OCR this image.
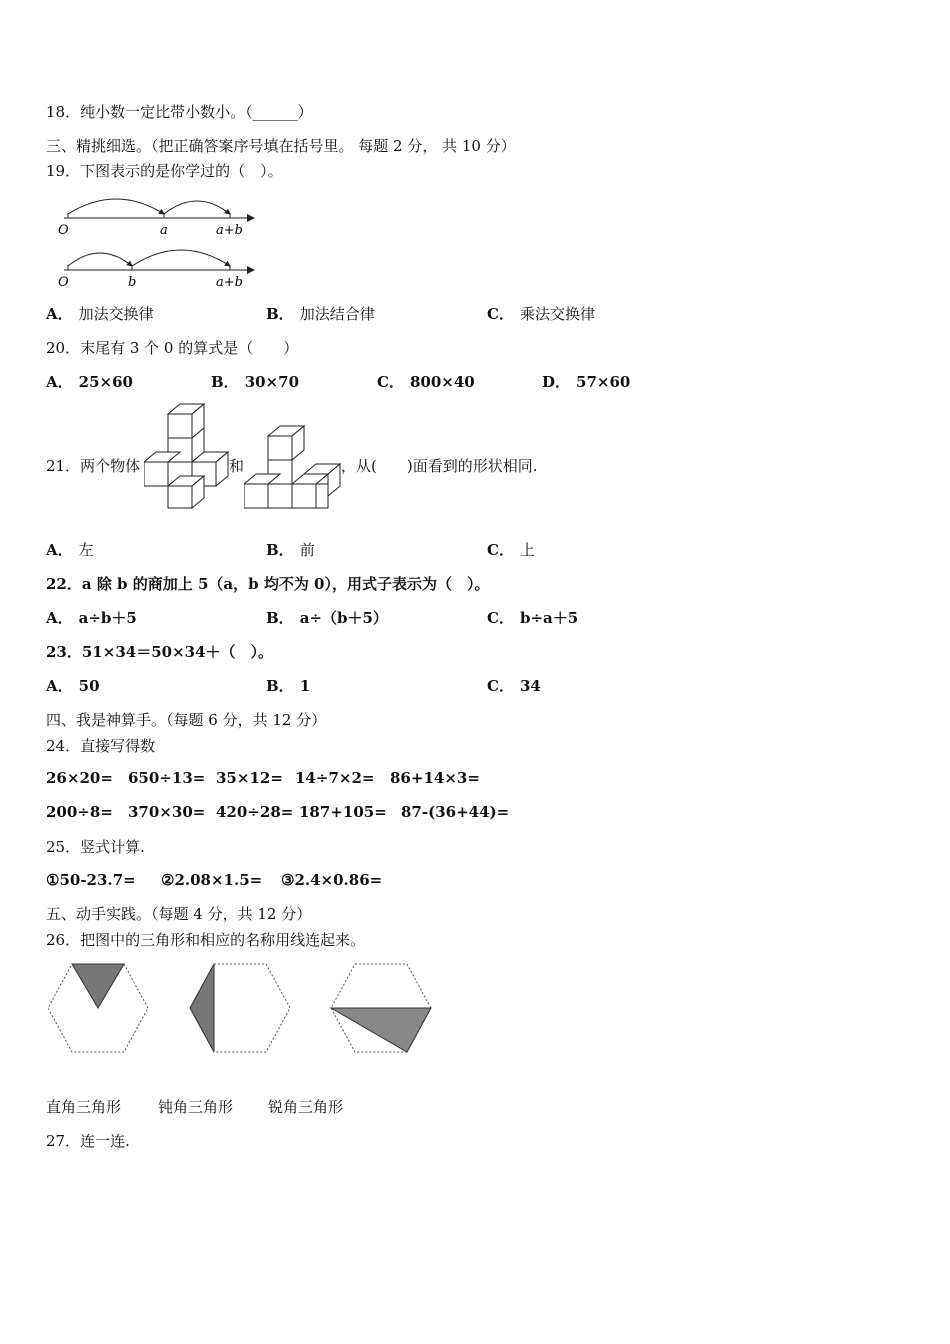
18．纯小数一定比带小数小。（______）
三、精挑细选。（把正确答案序号填在括号里。 每题 2 分， 共 10 分）
19．下图表示的是你学过的（　）。
O	a	a+b
O	b	a+b
A． 加法交换律	B． 加法结合律	C． 乘法交换律
20．末尾有 3 个 0 的算式是（　　）
A． 25×60	B． 30×70	C． 800×40	D． 57×60
21．两个物体	和	，从(　　)面看到的形状相同.
A． 左	B． 前	C． 上
22．a 除 b 的商加上 5（a，b 均不为 0），用式子表示为（　）。
A． a÷b＋5	B． a÷（b＋5）	C． b÷a＋5
23．51×34＝50×34＋（　）。
A． 50	B． 1	C． 34
四、我是神算手。（每题 6 分，共 12 分）
24．直接写得数
26×20= 650÷13= 35×12= 14÷7×2= 86+14×3=
200÷8= 370×30= 420÷28= 187+105= 87-(36+44)=
25．竖式计算.
①50-23.7= ②2.08×1.5= ③2.4×0.86=
五、动手实践。（每题 4 分，共 12 分）
26．把图中的三角形和相应的名称用线连起来。
直角三角形 钝角三角形 锐角三角形
27．连一连.
